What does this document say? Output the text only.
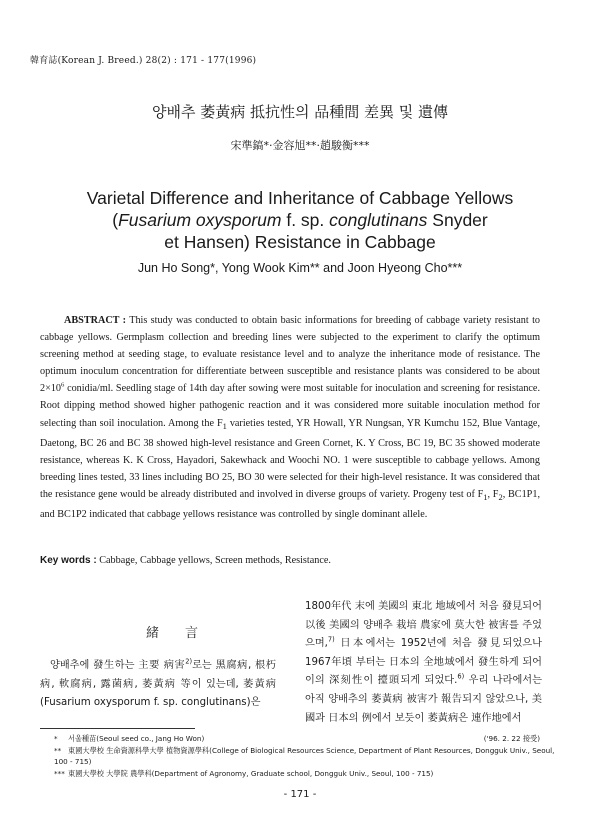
韓育誌(Korean J. Breed.) 28(2) : 171 - 177(1996)
양배추 萎黃病 抵抗性의 品種間 差異 및 遺傳
宋準鎬*·金容旭**·趙駿衡***
Varietal Difference and Inheritance of Cabbage Yellows
(Fusarium oxysporum f. sp. conglutinans Snyder
et Hansen) Resistance in Cabbage
Jun Ho Song*, Yong Wook Kim** and Joon Hyeong Cho***
ABSTRACT : This study was conducted to obtain basic informations for breeding of cabbage variety resistant to cabbage yellows. Germplasm collection and breeding lines were subjected to the experiment to clarify the optimum screening method at seeding stage, to evaluate resistance level and to analyze the inheritance mode of resistance. The optimum inoculum concentration for differentiate between susceptible and resistance plants was considered to be about $2\times 10^6$ conidia/ml. Seedling stage of 14th day after sowing were most suitable for inoculation and screening for resistance. Root dipping method showed higher pathogenic reaction and it was considered more suitable inoculation method for selecting than soil inoculation. Among the $F_1$ varieties tested, YR Howall, YR Nungsan, YR Kumchu 152, Blue Vantage, Daetong, BC 26 and BC 38 showed high-level resistance and Green Cornet, K. Y Cross, BC 19, BC 35 showed moderate resistance, whereas K. K Cross, Hayadori, Sakewhack and Woochi NO. 1 were susceptible to cabbage yellows. Among breeding lines tested, 33 lines including BO 25, BO 30 were selected for their high-level resistance. It was considered that the resistance gene would be already distributed and involved in diverse groups of variety. Progeny test of $F_1$, $F_2$, BC1P1, and BC1P2 indicated that cabbage yellows resistance was controlled by single dominant allele.
Key words : Cabbage, Cabbage yellows, Screen methods, Resistance.
緒言

양배추에 發生하는 主要 病害$^{2)}$로는 黑腐病, 根朽病, 軟腐病, 露菌病, 萎黃病 等이 있는데, 萎黃病(Fusarium oxysporum f. sp. conglutinans)은

1800年代 末에 美國의 東北 地域에서 처음 發見되어 以後 美國의 양배추 栽培 農家에 莫大한 被害를 주었으며,$^{7)}$ 日本에서는 1952년에 처음 發見되었으나 1967年頃 부터는 日本의 全地域에서 發生하게 되어 이의 深刻性이 擡頭되게 되었다.$^{6)}$ 우리 나라에서는 아직 양배추의 萎黃病 被害가 報告되지 않았으나, 美國과 日本의 例에서 보듯이 萎黃病은 連作地에서

* 서울種苗(Seoul seed co., Jang Ho Won)	('96. 2. 22 接受)
** 東國大學校 生命資源科學大學 植物資源學科(College of Biological Resources Science, Department of Plant Resources, Dongguk Univ., Seoul, 100 - 715)
*** 東國大學校 大學院 農學科(Department of Agronomy, Graduate school, Dongguk Univ., Seoul, 100 - 715)
- 171 -
